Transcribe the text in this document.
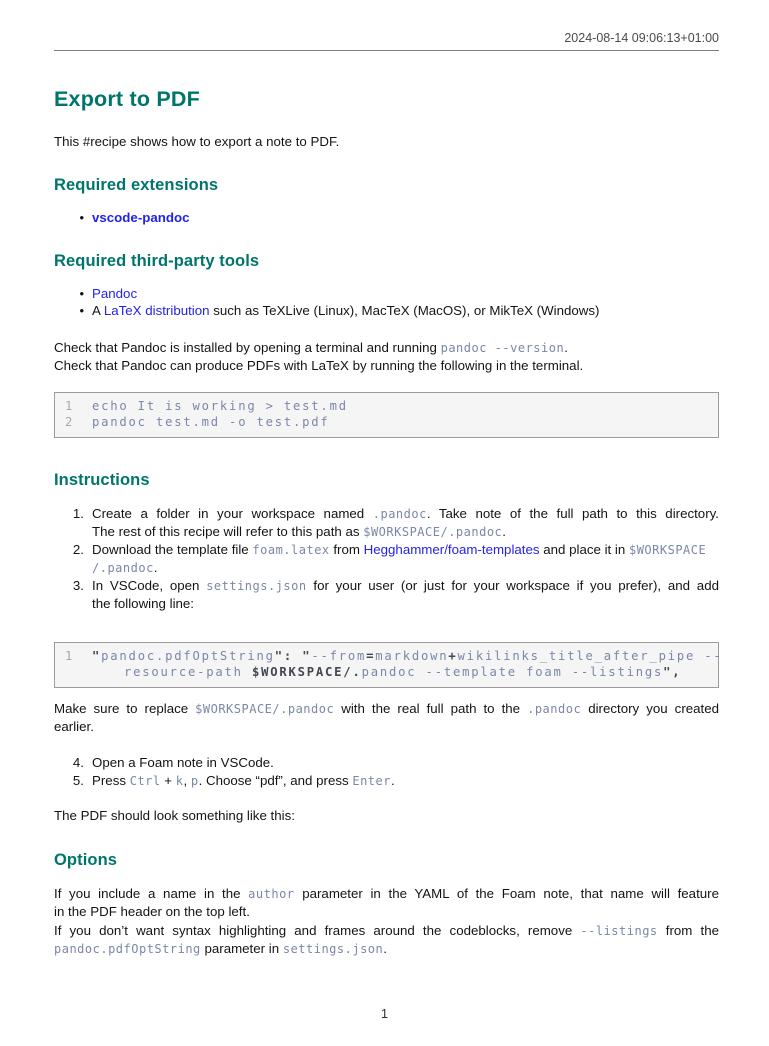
2024-08-14 09:06:13+01:00
Export to PDF
This #recipe shows how to export a note to PDF.
Required extensions
•
vscode-pandoc
Required third-party tools
•
Pandoc
•
A LaTeX distribution such as TeXLive (Linux), MacTeX (MacOS), or MikTeX (Windows)
Check that Pandoc is installed by opening a terminal and running pandoc --version.
Check that Pandoc can produce PDFs with LaTeX by running the following in the terminal.
1	echo It is working > test.md
2	pandoc test.md -o test.pdf
Instructions
1. Create a folder in your workspace named .pandoc. Take note of the full path to this directory.
The rest of this recipe will refer to this path as $WORKSPACE/.pandoc.
2. Download the template file foam.latex from Hegghammer/foam-templates and place it in $WORKSPACE
/.pandoc.
3. In VSCode, open settings.json for your user (or just for your workspace if you prefer), and add
the following line:
1	"pandoc.pdfOptString": "--from=markdown+wikilinks_title_after_pipe --
resource-path $WORKSPACE/.pandoc --template foam --listings",
Make sure to replace $WORKSPACE/.pandoc with the real full path to the .pandoc directory you created
earlier.
4. Open a Foam note in VSCode.
5. Press Ctrl + k, p. Choose “pdf”, and press Enter.
The PDF should look something like this:
Options
If you include a name in the author parameter in the YAML of the Foam note, that name will feature
in the PDF header on the top left.
If you don’t want syntax highlighting and frames around the codeblocks, remove --listings from the
pandoc.pdfOptString parameter in settings.json.
1
